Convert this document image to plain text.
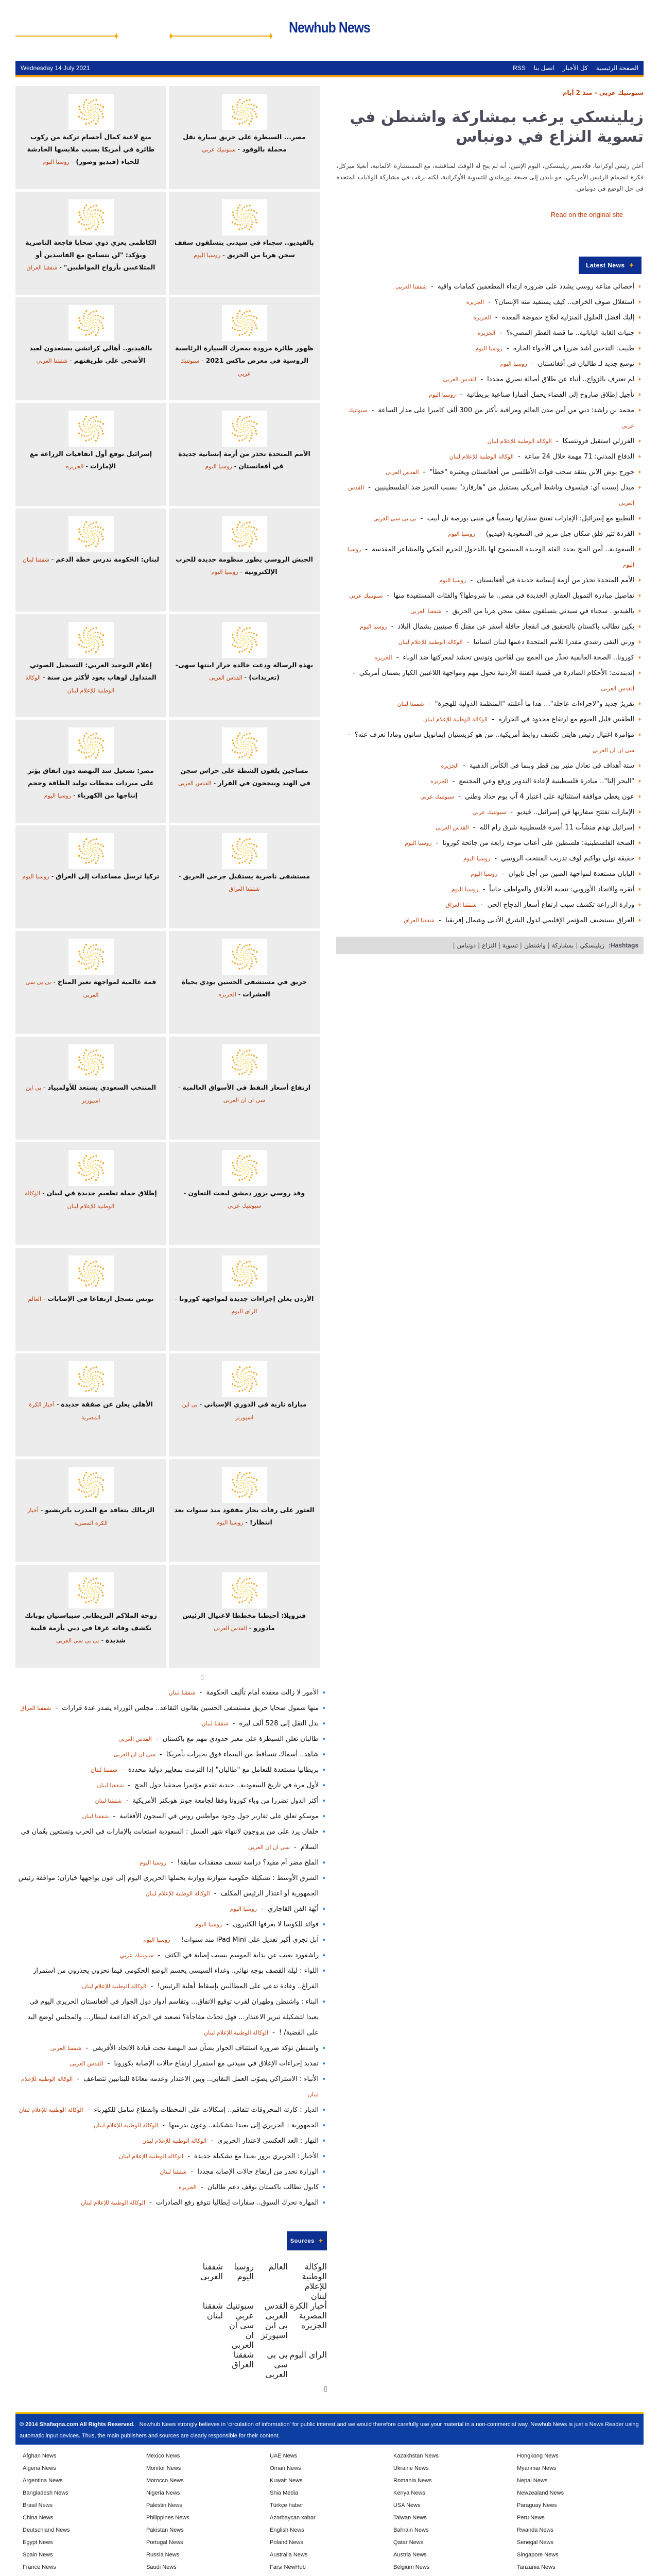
Newhub News
Wednesday 14 July 2021	الصفحة الرئيسية
كل الأخبار
اتصل بنا
RSS
سبوتنيك عربي - منذ 2 أيام
زيلينسكي يرغب بمشاركة واشنطن في تسوية النزاع في دونباس

أعلن رئيس أوكرانيا، فلاديمير زيلينسكي، اليوم الإثنين، أنه لم يتح له الوقت لمناقشة، مع المستشارة الألمانية، أنغيلا ميركل، فكرة انضمام الرئيس الأمريكي، جو بايدن إلى صيغة نورماندي للتسوية الأوكرانية، لكنه يرغب في مشاركة الولايات المتحدة في حل الوضع في دونباس.

Read on the original site
Latest News ✦
♦ أخصائي مناعة روسي يشدد على ضرورة ارتداء المطعمين كمامات واقية - شفقنا العربی
♦ استغلال صوف الخراف.. كيف يستفيد منه الإنسان؟ - الجزیره
♦ إليك أفضل الحلول المنزلية لعلاج حموضة المعدة - الجزیره
♦ جنيات الغابة اليابانية.. ما قصة الفطر المضيء؟ - الجزیره
♦ طبيب: التدخين أشد ضررا في الأجواء الحارة - روسیا الیوم
♦ توسع جديد لـ طالبان في أفغانستان - روسیا الیوم
♦ لم تعترف بالزواج.. أنباء عن طلاق أصالة نصري مجددا - القدس العربی
♦ تأجيل إطلاق صاروخ إلى الفضاء يحمل أقمارا صناعية بريطانية - روسیا الیوم
♦ محمد بن راشد: دبي من آمن مدن العالم ومراقبة بأكثر من 300 ألف كاميرا على مدار الساعة - سبوتنيك عربي
♦ الفرزلي استقبل فرونتسكا - الوكالة الوطنية للإعلام لبنان
♦ الدفاع المدني: 71 مهمة خلال 24 ساعة - الوكالة الوطنية للإعلام لبنان
♦ جورج بوش الابن ينتقد سحب قوات الأطلسي من أفغانستان ويعتبره "خطأ" - القدس العربی
♦ ميدل إيست آي: فيلسوف وناشط أمريكي يستقيل من "هارفارد" بسبب التحيز ضد الفلسطينيين - القدس العربی
♦ التطبيع مع إسرائيل: الإمارات تفتتح سفارتها رسمياً في مبنى بورصة تل أبيب - بی بی سی العربی
♦ القردة تثير قلق سكان جبل مرير في السعودية (فيديو) - روسیا الیوم
♦ السعودية.. أمن الحج يحدد الفئة الوحيدة المسموح لها بالدخول للحرم المكي والمشاعر المقدسة - روسیا الیوم
♦ الأمم المتحدة تحذر من أزمة إنسانية جديدة في أفغانستان - روسیا الیوم
♦ تفاصيل مبادرة التمويل العقاري الجديدة في مصر.. ما شروطها؟ والفئات المستفيدة منها - سبوتنيك عربي
♦ بالفيديو.. سجناء في سيدني يتسلقون سقف سجن هربا من الحريق - شفقنا العربی
♦ بكين تطالب باكستان بالتحقيق في انفجار حافلة أسفر عن مقتل 6 صينيين بشمال البلاد - روسیا الیوم
♦ وزني التقى رشدي مقدرا للامم المتحدة دعمها لبنان انسانيا - الوكالة الوطنية للإعلام لبنان
♦ كورونا.. الصحة العالمية تحذّر من الجمع بين لقاحين وتونس تحشد لمعركتها ضد الوباء - الجزیره
♦ إندبندنت: الأحكام الصادرة في قضية الفتنة الأردنية تحول مهم ومواجهة اللاعبين الكبار بضمان أمريكي - القدس العربی
♦ تقريرٌ جديد و"لاجراءات عاجلة"... هذا ما أعلنته "المنظمة الدولية للهجرة" - شفقنا لبنان
♦ الطقس قليل الغيوم مع ارتفاع محدود في الحرارة - الوكالة الوطنية للإعلام لبنان
♦ مؤامرة اغتيال رئيس هايتي تكشف روابط أمريكية.. من هو كريستيان إيمانويل سانون وماذا نعرف عنه؟ - سی ان ان العربی
♦ ستة أهداف في تعادل مثير بين قطر وبنما في الكأس الذهبية - الجزیره
♦ "البحر إلنا".. مبادرة فلسطينية لإعادة التدوير ورفع وعي المجتمع - الجزیره
♦ عون يغطي موافقة استثنائية على اعتبار 4 آب يوم حداد وطني - سبوتنيك عربي
♦ الإمارات تفتتح سفارتها في إسرائيل.. فيديو - سبوتنيك عربي
♦ إسرائيل تهدم منشآت 11 أسرة فلسطينية شرق رام الله - القدس العربی
♦ الصحة الفلسطينية: فلسطين على أعتاب موجة رابعة من جائحة كورونا - روسیا الیوم
♦ حقيقة تولي يواكيم لوف تدريب المنتخب الروسي - روسیا الیوم
♦ اليابان مستعدة لمواجهة الصين من أجل تايوان - روسیا الیوم
♦ أنقرة والاتحاد الأوروبي: تنحية الأخلاق والعواطف جانباً - روسیا الیوم
♦ وزارة الزراعة تكشف سبب ارتفاع أسعار الدجاج الحي - شفقنا العراق
♦ العراق يستضيف المؤتمر الإقليمي لدول الشرق الأدنى وشمال إفريقيا - شفقنا العراق
Hashtags: زيلينسكي|بمشاركة|واشنطن|تسوية|النزاع|دونباس|
مصر... السيطرة على حريق سيارة نقل محملة بالوقود - سبوتنيك عربي
منع لاعبة كمال أجسام تركية من ركوب طائرة في أمريكا بسبب ملابسها الخادشة للحياء (فيديو وصور) - روسیا الیوم
بالفيديو.. سجناء في سيدني يتسلقون سقف سجن هربا من الحريق - روسیا الیوم
الكاظمي يعزي ذوي ضحايا فاجعة الناصرية ويؤكد: "لن نتسامح مع الفاسدين أو المتلاعبين بأرواح المواطنين" - شفقنا العراق
ظهور طائرة مزودة بمحرك السيارة الرئاسية الروسية في معرض ماكس 2021 - سبوتنيك عربي
بالفيديو.. أهالي كراتشي يستعدون لعيد الأضحى على طريقتهم - شفقنا العربی
الأمم المتحدة تحذر من أزمة إنسانية جديدة في أفغانستان - روسیا الیوم
إسرائيل توقع أول اتفاقيات الزراعة مع الإمارات - الجزیره
الجيش الروسي يطور منظومة جديدة للحرب الإلكترونية - روسیا الیوم
لبنان: الحكومة تدرس خطة الدعم - شفقنا لبنان
بهذه الرسالة ودعت خالدة جرار ابنتها سهى- (تغريدات) - القدس العربی
إعلام التوحيد العربي: التسجيل الصوتي المتداول لوهاب يعود لأكثر من سنة - الوكالة الوطنية للإعلام لبنان
مساجين يلقون الشطة على حراس سجن في الهند وينجحون في الفرار - القدس العربی
مصر: تشغيل سد النهضة دون اتفاق يؤثر على مبردات محطات توليد الطاقة وحجم إنتاجها من الكهرباء - روسیا الیوم
مستشفى ناصرية يستقبل جرحى الحريق - شفقنا العراق
تركيا ترسل مساعدات إلى العراق - روسیا الیوم
حريق في مستشفى الحسين يودي بحياة العشرات - الجزیره
قمة عالمية لمواجهة تغير المناخ - بی بی سی العربی
ارتفاع أسعار النفط في الأسواق العالمية - سی ان ان العربی
المنتخب السعودي يستعد للأولمبياد - بی این اسپورتز
وفد روسي يزور دمشق لبحث التعاون - سبوتنيك عربي
إطلاق حملة تطعيم جديدة في لبنان - الوكالة الوطنية للإعلام لبنان
الأردن يعلن إجراءات جديدة لمواجهة كورونا - الرای الیوم
تونس تسجل ارتفاعا في الإصابات - العالم
مباراة نارية في الدوري الإسباني - بی این اسپورتز
الأهلي يعلن عن صفقة جديدة - أخبار الكرة المصرية
العثور على رفات بحار مفقود منذ سنوات بعد انتظار! - روسیا الیوم
الزمالك يتعاقد مع المدرب باتريشيو - أخبار الكرة المصرية
فنزويلا: أحبطنا مخططا لاغتيال الرئيس مادورو - القدس العربی
زوجة الملاكم البريطاني سيباستيان يوبانك تكشف وفاته غرقا في دبي بأزمة قلبية شديدة - بی بی سی العربی
♦ الأمور لا زالت معقدة أمام تأليف الحكومة - شفقنا لبنان
♦ منها شمول ضحايا حريق مستشفى الحسين بقانون التقاعد.. مجلس الوزراء يصدر عدة قرارات - شفقنا العراق
♦ بدل النقل إلى 528 ألف ليرة - شفقنا لبنان
♦ طالبان تعلن السيطرة على معبر حدودي مهم مع باكستان - القدس العربی
♦ شاهد.. أسماك تتساقط من السماء فوق بحيرات بأمريكا - سی ان ان العربی
♦ بريطانيا مستعدة للتعامل مع "طالبان" إذا التزمت بمعايير دولية محددة - شفقنا لبنان
♦ لأول مرة في تاريخ السعودية.. جندية تقدم مؤتمرا صحفيا حول الحج - شفقنا لبنان
♦ أكثر الدول تضررا من وباء كورونا وفقا لجامعة جونز هوبكنز الأمريكية - شفقنا لبنان
♦ موسكو تعلق على تقارير حول وجود مواطنين روس في السجون الأفغانية - شفقنا لبنان
♦ خلفان يرد على من يروجون لانتهاء شهر العسل : السعودية استعانت بالإمارات في الحرب وتستعين بعُمان في السلام - سی ان ان العربی
♦ الملح مضر أم مفيد؟ دراسة تنسف معتقدات سابقة! - روسیا الیوم
♦ الشرق الأوسط : تشكيلة حكومية متوازنة ووازنة يحملها الحريري اليوم إلى عون يواجهها خياران: موافقة رئيس الجمهورية أو اعتذار الرئيس المكلف - الوكالة الوطنية للإعلام لبنان
♦ أبّهة الفن القاجاري - روسیا الیوم
♦ فوائد للكوسا لا يعرفها الكثيرون - روسیا الیوم
♦ آبل تجري أكبر تعديل على iPad Mini منذ سنوات! - روسیا الیوم
♦ راشفورد يغيب عن بداية الموسم بسبب إصابة في الكتف - سبوتنيك عربي
♦ اللواء : ليلة القصف بوجه نهائي. وغداء السيسي يحسم الوضع الحكومي فيما تحزون يحذرون من استمرار الفراغ.. وغادة تدعي على المطالبين بإسقاط أهلية الرئيس! - الوكالة الوطنية للإعلام لبنان
♦ البناء : واشنطن وطهران لقرب توقيع الاتفاق... وتقاسم أدوار دول الجوار في أفغانستان الحريري اليوم في بعبدا لتشكيلة تبرير الاعتذار... فهل تحدُث مفاجأة؟ تصعيد في الحركة الداعمة لبيطار... والمجلس لوضع اليد على القضية/ ! - الوكالة الوطنية للإعلام لبنان
♦ واشنطن تؤكد ضرورة استئناف الحوار بشأن سد النهضة تحت قيادة الاتحاد الأفريقي - شفقنا العربی
♦ تمديد إجراءات الإغلاق في سيدني مع استمرار ارتفاع حالات الإصابة بكورونا - القدس العربی
♦ الأنباء : الاشتراكي يصوّب العمل النقابي.. وبين الاعتذار وعدمه معاناة للبنانيين تتضاعف - الوكالة الوطنية للإعلام لبنان
♦ الديار : كارثة المحروقات تتفاقم.. إشكالات على المحطات وانقطاع شامل للكهرباء - الوكالة الوطنية للإعلام لبنان
♦ الجمهورية : الحريري إلى بعبدا بتشكيلة.. وعون يدرسها - الوكالة الوطنية للإعلام لبنان
♦ النهار : العد العكسي لاعتذار الحريري - الوكالة الوطنية للإعلام لبنان
♦ الأخبار : الحريري يزور بعبدا مع تشكيلة جديدة - الوكالة الوطنية للإعلام لبنان
♦ الوزارة تحذر من ارتفاع حالات الإصابة مجددا - شفقنا لبنان
♦ كابول تطالب باكستان بوقف دعم طالبان - الجزیره
♦ المهارة تحرك السوق.. سفارات إيطاليا تتوقع رفع الصادرات - الوكالة الوطنية للإعلام لبنان
Sources ✦
الوكالة الوطنية للإعلام لبنان
العالم
روسیا الیوم
شفقنا العربی
أخبار الكرة المصرية
القدس العربی
سبوتنيك عربي
شفقنا لبنان
الجزیره
بی این اسپورتز
سی ان ان العربی
الرای الیوم
بی بی سی العربی
شفقنا العراق
© 2014 Shafaqna.com All Rights Reserved. Newhub News strongly believes in 'circulation of information' for public interest and we would therefore carefully use your material in a non-commercial way. Newhub News is just a News Reader using automatic input devices. Thus, the main publishers and sources are clearly responsible for their content.
Afghan News
Algeria News
Argentina News
Bangladesh News
Brasil News
China News
Deutschland News
Egypt News
Spain News
France News
Mexico News
Monitor News
Morocco News
Nigeria News
Palestin News
Philippines News
Pakistan News
Portugal News
Russia News
Saudi News
UAE News
Oman News
Kuwait News
Shia Media
Türkçe haber
Azərbaycan xəbər
English News
Poland News
Australia News
Farsi NewHub
Kazakhstan News
Ukraine News
Romania News
Kenya News
USA News
Taiwan News
Bahrain News
Qatar News
Austria News
Belgium News
Hongkong News
Myanmar News
Nepal News
Newzealand News
Paraguay News
Peru News
Rwanda News
Senegal News
Singapore News
Tanzania News
